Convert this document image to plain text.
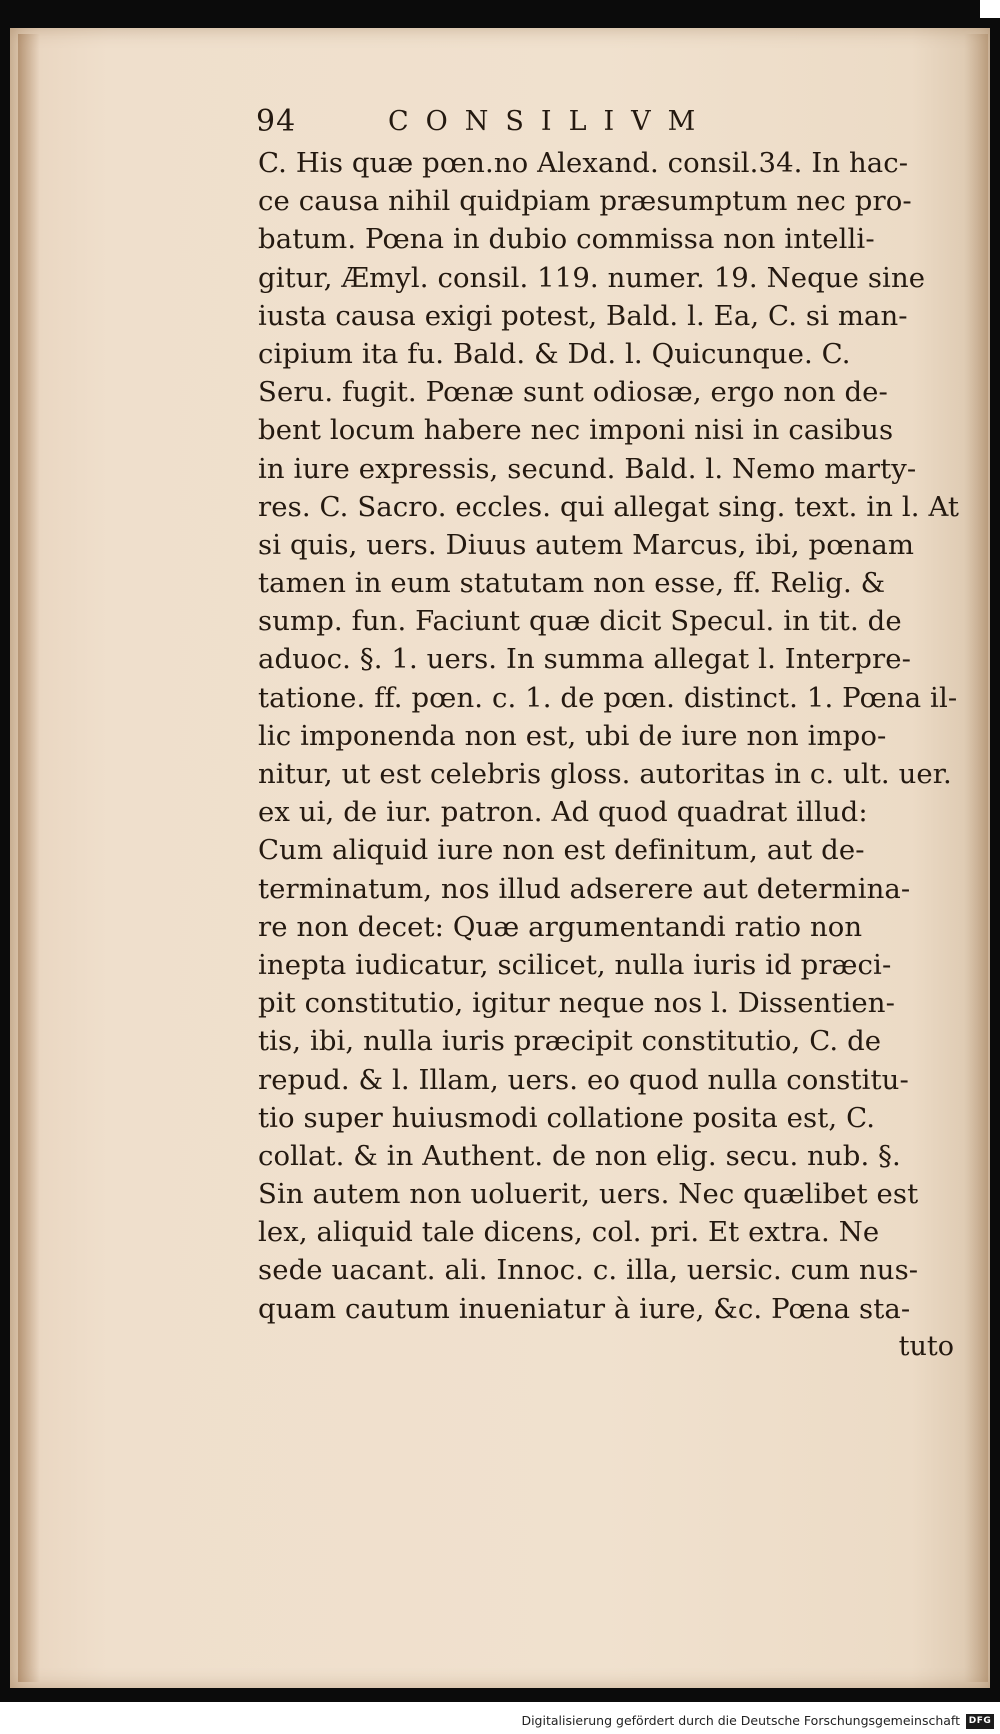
94	CONSILIVM
C. His quæ pœn.no Alexand. consil.34. In hac-
ce causa nihil quidpiam præsumptum nec pro-
batum. Pœna in dubio commissa non intelli-
gitur, Æmyl. consil. 119. numer. 19. Neque sine
iusta causa exigi potest, Bald. l. Ea, C. si man-
cipium ita fu. Bald. & Dd. l. Quicunque. C.
Seru. fugit. Pœnæ sunt odiosæ, ergo non de-
bent locum habere nec imponi nisi in casibus
in iure expressis, secund. Bald. l. Nemo marty-
res. C. Sacro. eccles. qui allegat sing. text. in l. At
si quis, uers. Diuus autem Marcus, ibi, pœnam
tamen in eum statutam non esse, ff. Relig. &
sump. fun. Faciunt quæ dicit Specul. in tit. de
aduoc. §. 1. uers. In summa allegat l. Interpre-
tatione. ff. pœn. c. 1. de pœn. distinct. 1. Pœna il-
lic imponenda non est, ubi de iure non impo-
nitur, ut est celebris gloss. autoritas in c. ult. uer.
ex ui, de iur. patron. Ad quod quadrat illud:
Cum aliquid iure non est definitum, aut de-
terminatum, nos illud adserere aut determina-
re non decet: Quæ argumentandi ratio non
inepta iudicatur, scilicet, nulla iuris id præci-
pit constitutio, igitur neque nos l. Dissentien-
tis, ibi, nulla iuris præcipit constitutio, C. de
repud. & l. Illam, uers. eo quod nulla constitu-
tio super huiusmodi collatione posita est, C.
collat. & in Authent. de non elig. secu. nub. §.
Sin autem non uoluerit, uers. Nec quælibet est
lex, aliquid tale dicens, col. pri. Et extra. Ne
sede uacant. ali. Innoc. c. illa, uersic. cum nus-
quam cautum inueniatur à iure, &c. Pœna sta-
tuto
Digitalisierung gefördert durch die Deutsche Forschungsgemeinschaft DFG
